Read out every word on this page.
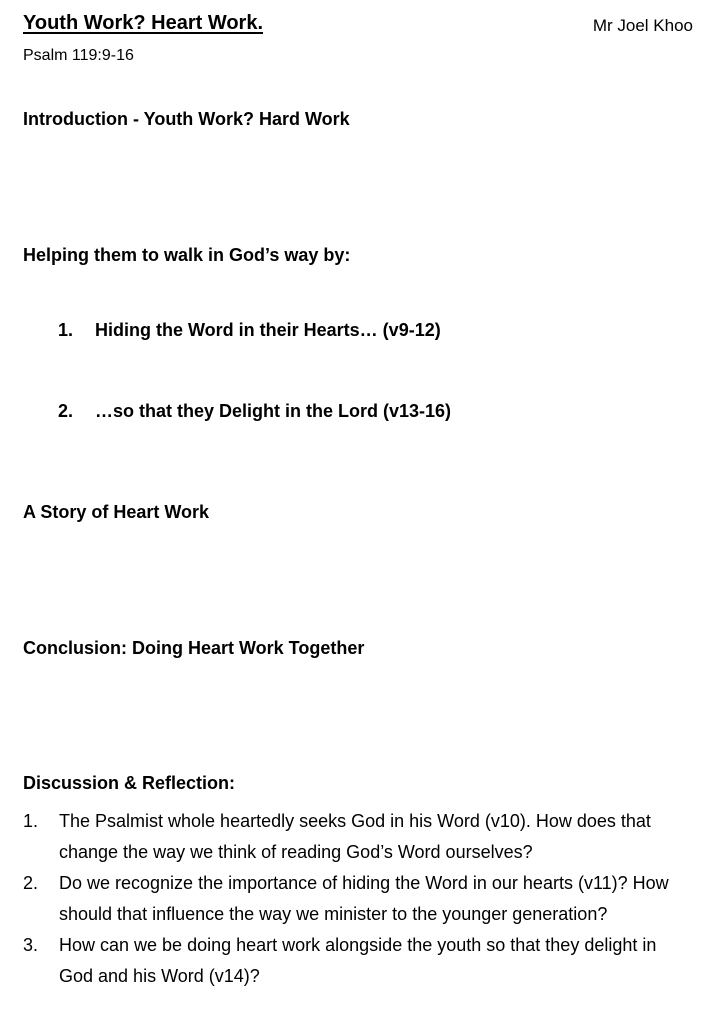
Youth Work? Heart Work.	Mr Joel Khoo
Psalm 119:9-16
Introduction - Youth Work? Hard Work
Helping them to walk in God’s way by:
1. Hiding the Word in their Hearts… (v9-12)
2. …so that they Delight in the Lord (v13-16)
A Story of Heart Work
Conclusion: Doing Heart Work Together
Discussion & Reflection:
1. The Psalmist whole heartedly seeks God in his Word (v10). How does that change the way we think of reading God’s Word ourselves?
2. Do we recognize the importance of hiding the Word in our hearts (v11)? How should that influence the way we minister to the younger generation?
3. How can we be doing heart work alongside the youth so that they delight in God and his Word (v14)?
